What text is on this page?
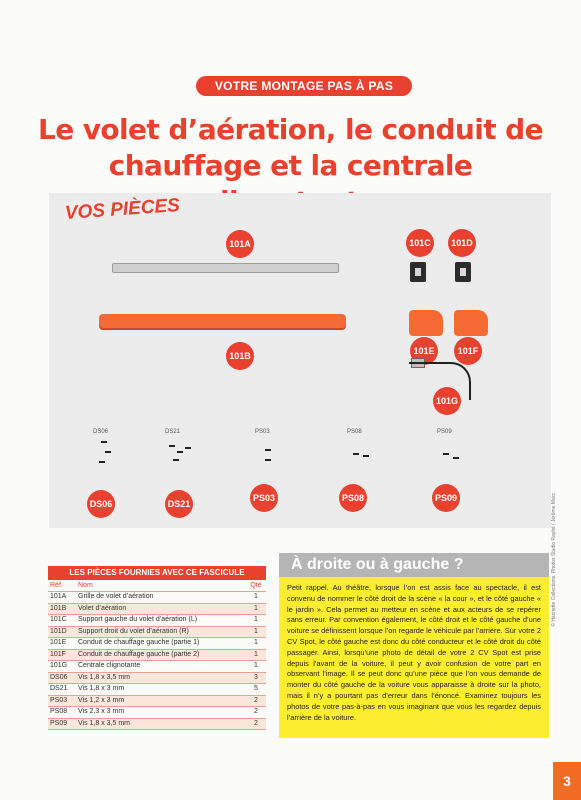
VOTRE MONTAGE PAS À PAS
Le volet d’aération, le conduit de
chauffage et la centrale
VOS PIÈCES
© Hachette Collections. Photos Studio Raylet / Jérôme Marc
101A
101B
101C	101D
101E	101F
101G
DS06
DS06
DS21
DS21
PS03
PS03
PS08
PS08
PS09
PS09
LES PIÈCES FOURNIES AVEC CE FASCICULE
Réf.	Nom	Qté
101A	Grille de volet d’aération	1
101B	Volet d’aération	1
101C	Support gauche du volet d’aération (L)	1
101D	Support droit du volet d’aération (R)	1
101E	Conduit de chauffage gauche (partie 1)	1
101F	Conduit de chauffage gauche (partie 2)	1
101G	Centrale clignotante	1
DS06	Vis 1,8 x 3,5 mm	3
DS21	Vis 1,8 x 3 mm	5
PS03	Vis 1,2 x 3 mm	2
PS08	Vis 2,3 x 3 mm	2
PS09	Vis 1,8 x 3,5 mm	2
À droite ou à gauche ?
Petit rappel. Au théâtre, lorsque l’on est assis face au spectacle, il est convenu de nommer le côté droit de la scène « la cour », et le côté gauche « le jardin ». Cela permet au metteur en scène et aux acteurs de se repérer sans erreur. Par convention également, le côté droit et le côté gauche d’une voiture se définissent lorsque l’on regarde le véhicule par l’arrière. Sur votre 2 CV Spot, le côté gauche est donc du côté conducteur et le côté droit du côté passager. Ainsi, lorsqu’une photo de détail de votre 2 CV Spot est prise depuis l’avant de la voiture, il peut y avoir confusion de votre part en observant l’image. Il se peut donc qu’une pièce que l’on vous demande de monter du côté gauche de la voiture vous apparaisse à droite sur la photo, mais il n’y a pourtant pas d’erreur dans l’énoncé. Examinez toujours les photos de votre pas-à-pas en vous imaginant que vous les regardez depuis l’arrière de la voiture.
3
